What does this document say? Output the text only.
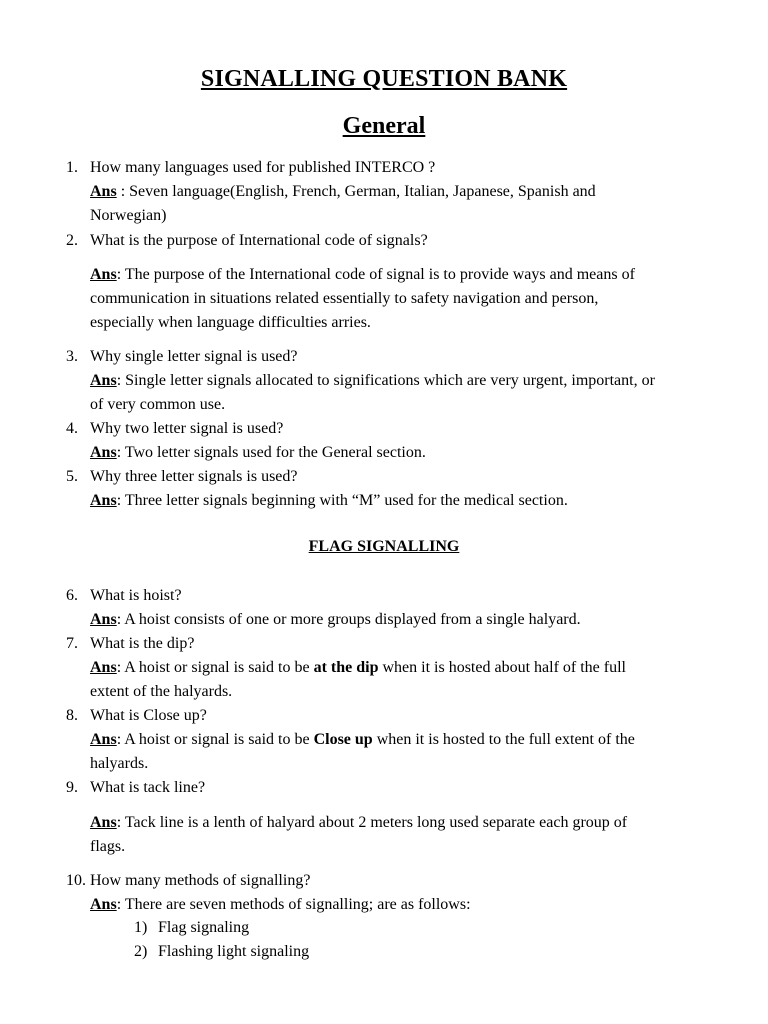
SIGNALLING QUESTION BANK
General
1. How many languages used for published INTERCO ?
Ans : Seven language(English, French, German, Italian, Japanese, Spanish and
Norwegian)
2. What is the purpose of International code of signals?
Ans: The purpose of the International code of signal is to provide ways and means of
communication in situations related essentially to safety navigation and person,
especially when language difficulties arries.
3. Why single letter signal is used?
Ans: Single letter signals allocated to significations which are very urgent, important, or
of very common use.
4. Why two letter signal is used?
Ans: Two letter signals used for the General section.
5. Why three letter signals is used?
Ans: Three letter signals beginning with “M” used for the medical section.
FLAG SIGNALLING
6. What is hoist?
Ans: A hoist consists of one or more groups displayed from a single halyard.
7. What is the dip?
Ans: A hoist or signal is said to be at the dip when it is hosted about half of the full
extent of the halyards.
8. What is Close up?
Ans: A hoist or signal is said to be Close up when it is hosted to the full extent of the
halyards.
9. What is tack line?
Ans: Tack line is a lenth of halyard about 2 meters long used separate each group of
flags.
10. How many methods of signalling?
Ans: There are seven methods of signalling; are as follows:
1) Flag signaling
2) Flashing light signaling
